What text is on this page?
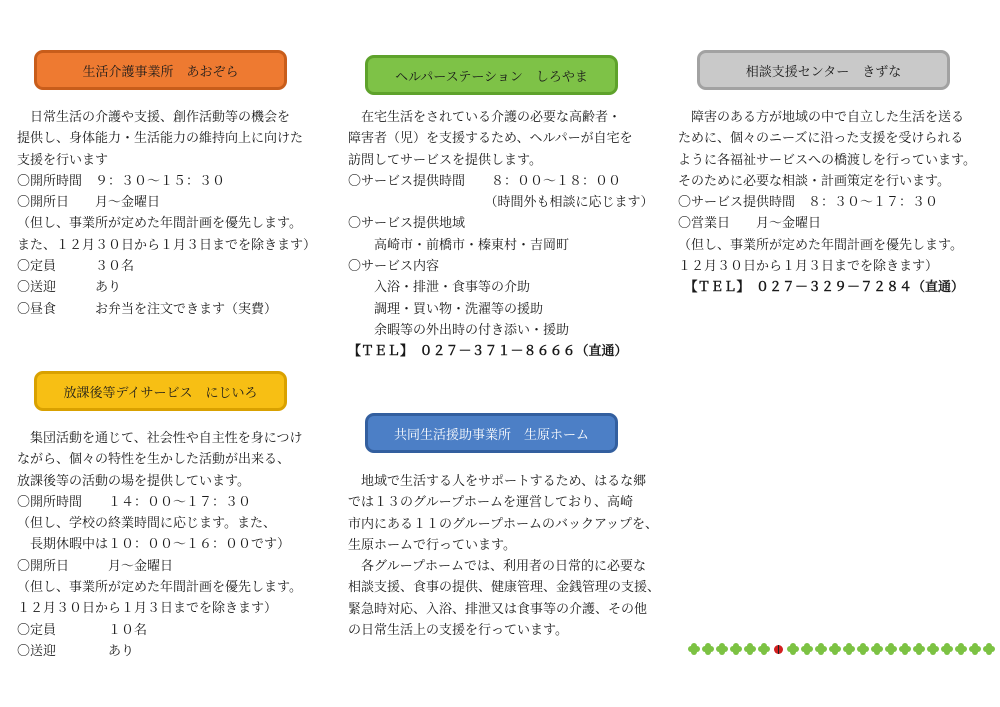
生活介護事業所　あおぞら
　日常生活の介護や支援、創作活動等の機会を
提供し、身体能力・生活能力の維持向上に向けた
支援を行います
〇開所時間　９：３０～１５：３０
〇開所日　　月～金曜日
（但し、事業所が定めた年間計画を優先します。
また、１２月３０日から１月３日までを除きます）
〇定員　　　３０名
〇送迎　　　あり
〇昼食　　　お弁当を注文できます（実費）
ヘルパーステーション　しろやま
　在宅生活をされている介護の必要な高齢者・
障害者（児）を支援するため、ヘルパーが自宅を
訪問してサービスを提供します。
〇サービス提供時間　　８：００～１８：００
　　　　　　　　　　　（時間外も相談に応じます）
〇サービス提供地域
　　高崎市・前橋市・榛東村・吉岡町
〇サービス内容
　　入浴・排泄・食事等の介助
　　調理・買い物・洗濯等の援助
　　余暇等の外出時の付き添い・援助
【ＴＥＬ】　０２７－３７１－８６６６（直通）
相談支援センター　きずな
　障害のある方が地域の中で自立した生活を送る
ために、個々のニーズに沿った支援を受けられる
ように各福祉サービスへの橋渡しを行っています。
そのために必要な相談・計画策定を行います。
〇サービス提供時間　８：３０～１７：３０
〇営業日　　月～金曜日
（但し、事業所が定めた年間計画を優先します。
１２月３０日から１月３日までを除きます）
　【ＴＥＬ】　０２７－３２９－７２８４（直通）
放課後等デイサービス　にじいろ
　集団活動を通じて、社会性や自主性を身につけ
ながら、個々の特性を生かした活動が出来る、
放課後等の活動の場を提供しています。
〇開所時間　　１４：００～１７：３０
（但し、学校の終業時間に応じます。また、
　長期休暇中は１０：００～１６：００です）
〇開所日　　　月～金曜日
（但し、事業所が定めた年間計画を優先します。
１２月３０日から１月３日までを除きます）
〇定員　　　　１０名
〇送迎　　　　あり
共同生活援助事業所　生原ホーム
　地域で生活する人をサポートするため、はるな郷
では１３のグループホームを運営しており、高崎
市内にある１１のグループホームのバックアップを、
生原ホームで行っています。
　各グループホームでは、利用者の日常的に必要な
相談支援、食事の提供、健康管理、金銭管理の支援、
緊急時対応、入浴、排泄又は食事等の介護、その他
の日常生活上の支援を行っています。
